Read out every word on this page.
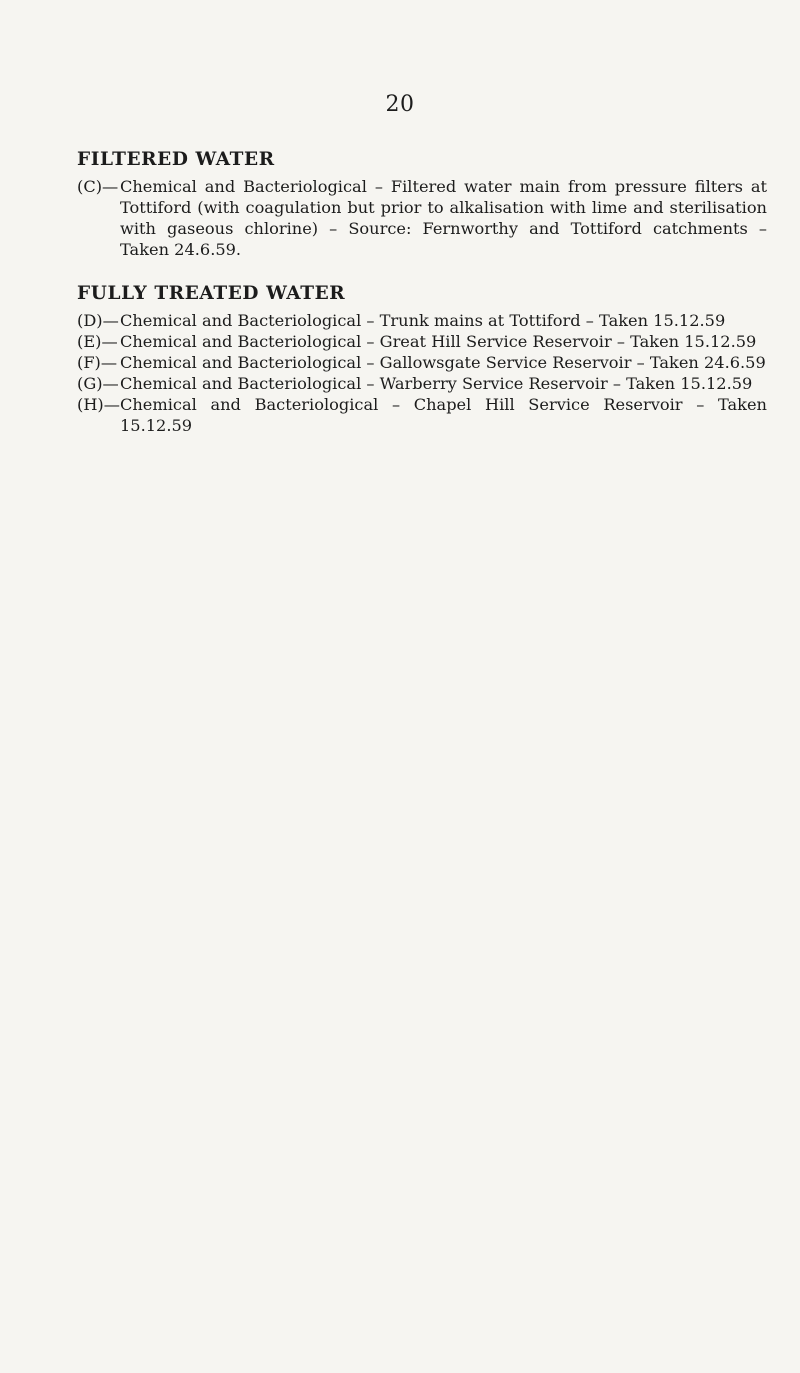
20
FILTERED WATER

(C)— Chemical and Bacteriological – Filtered water main from pressure filters at Tottiford (with coagulation but prior to alkalisation with lime and sterilisation with gaseous chlorine) – Source: Fernworthy and Tottiford catchments – Taken 24.6.59.

FULLY TREATED WATER

(D)— Chemical and Bacteriological – Trunk mains at Tottiford – Taken 15.12.59

(E)— Chemical and Bacteriological – Great Hill Service Reservoir – Taken 15.12.59

(F)— Chemical and Bacteriological – Gallowsgate Service Reservoir – Taken 24.6.59

(G)— Chemical and Bacteriological – Warberry Service Reservoir – Taken 15.12.59

(H)— Chemical and Bacteriological – Chapel Hill Service Reservoir – Taken 15.12.59
